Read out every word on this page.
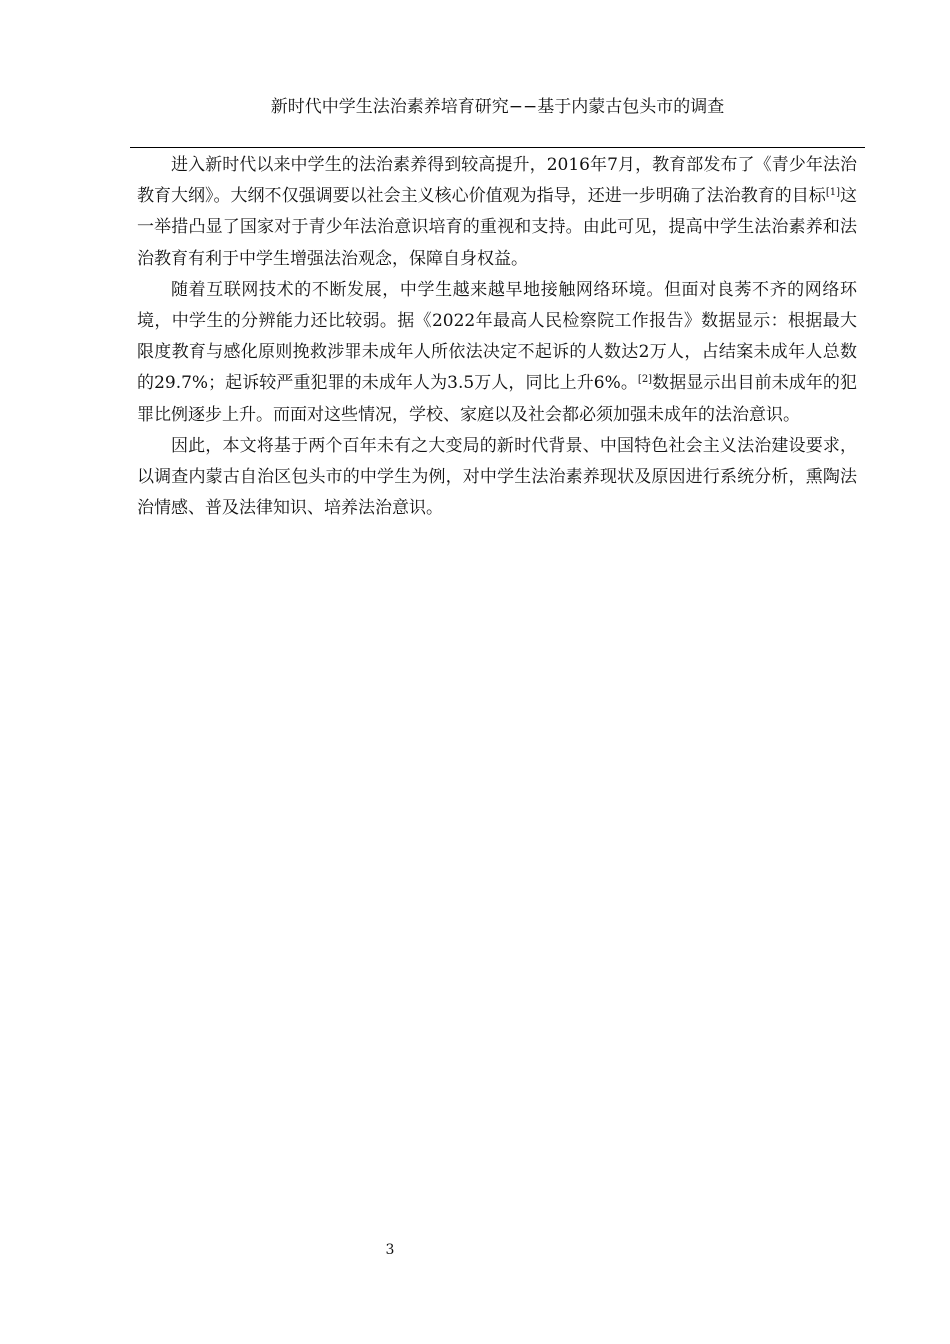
新时代中学生法治素养培育研究−−基于内蒙古包头市的调查

进入新时代以来中学生的法治素养得到较高提升，2016年7月，教育部发布了《青少年法治教育大纲》。大纲不仅强调要以社会主义核心价值观为指导，还进一步明确了法治教育的目标[1]这一举措凸显了国家对于青少年法治意识培育的重视和支持。由此可见，提高中学生法治素养和法治教育有利于中学生增强法治观念，保障自身权益。

随着互联网技术的不断发展，中学生越来越早地接触网络环境。但面对良莠不齐的网络环境，中学生的分辨能力还比较弱。据《2022年最高人民检察院工作报告》数据显示：根据最大限度教育与感化原则挽救涉罪未成年人所依法决定不起诉的人数达2万人，占结案未成年人总数的29.7%；起诉较严重犯罪的未成年人为3.5万人，同比上升6%。[2]数据显示出目前未成年的犯罪比例逐步上升。而面对这些情况，学校、家庭以及社会都必须加强未成年的法治意识。

因此，本文将基于两个百年未有之大变局的新时代背景、中国特色社会主义法治建设要求，以调查内蒙古自治区包头市的中学生为例，对中学生法治素养现状及原因进行系统分析，熏陶法治情感、普及法律知识、培养法治意识。

3
